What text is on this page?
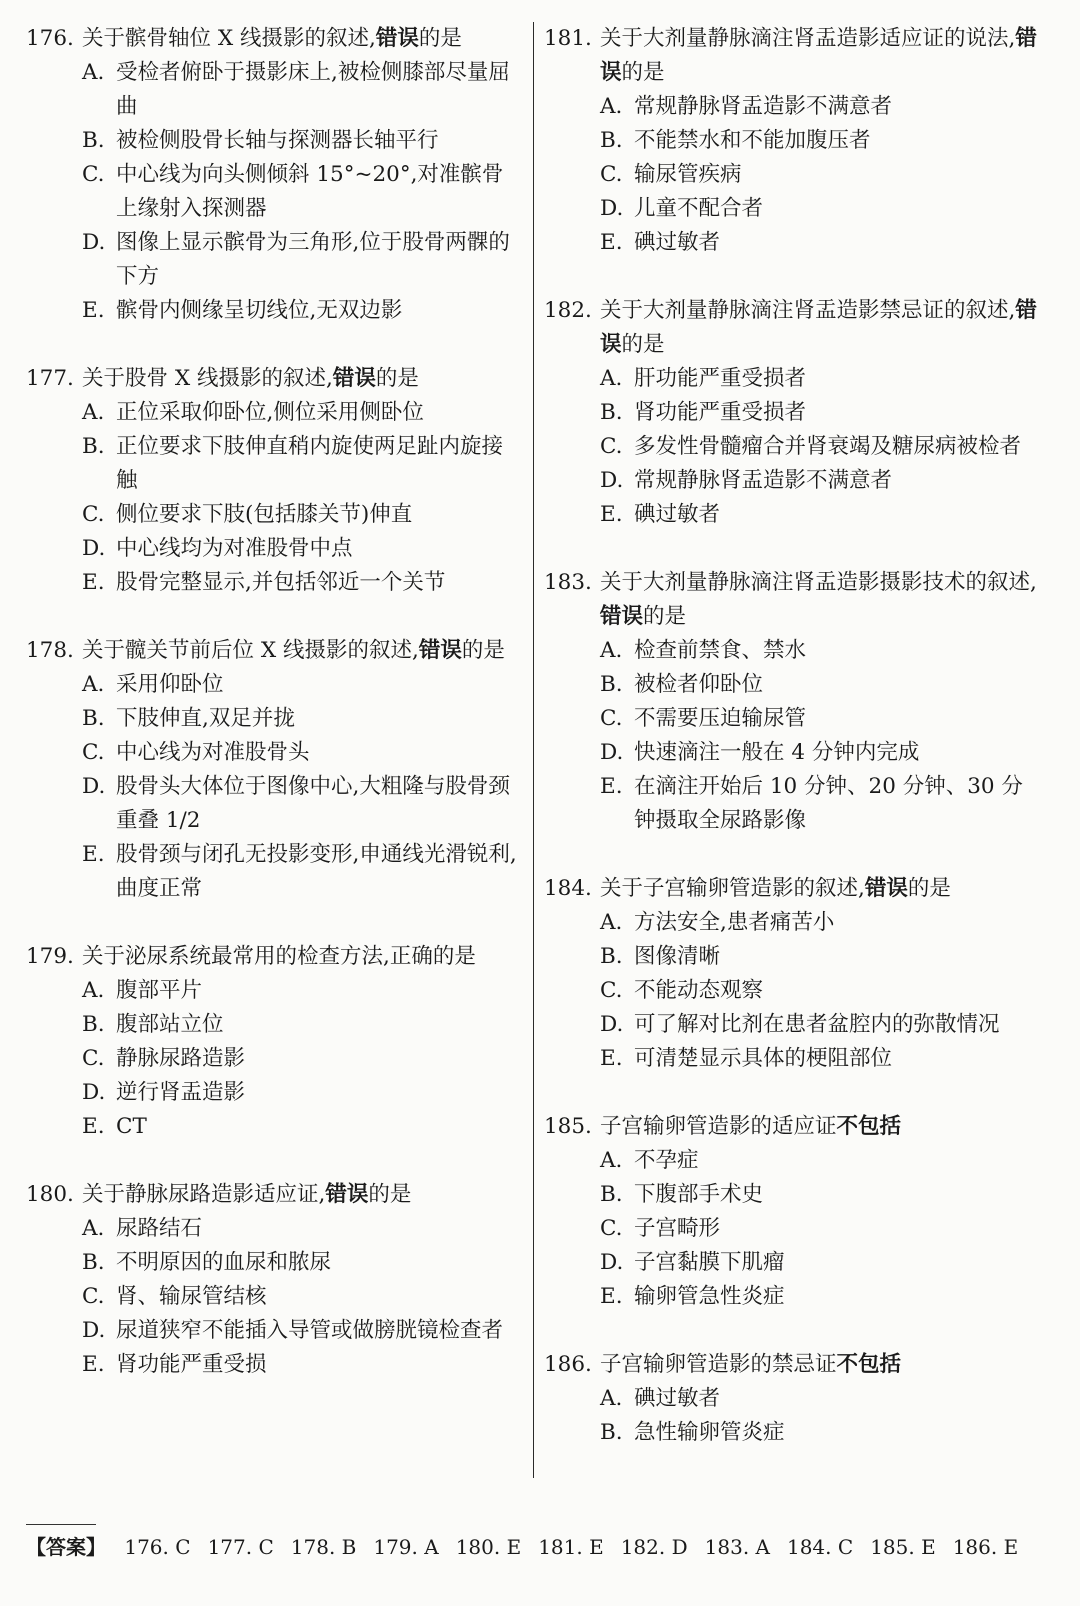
176. 关于髌骨轴位 X 线摄影的叙述,错误的是
A. 受检者俯卧于摄影床上,被检侧膝部尽量屈曲
B. 被检侧股骨长轴与探测器长轴平行
C. 中心线为向头侧倾斜 15°~20°,对准髌骨上缘射入探测器
D. 图像上显示髌骨为三角形,位于股骨两髁的下方
E. 髌骨内侧缘呈切线位,无双边影
177. 关于股骨 X 线摄影的叙述,错误的是
A. 正位采取仰卧位,侧位采用侧卧位
B. 正位要求下肢伸直稍内旋使两足趾内旋接触
C. 侧位要求下肢(包括膝关节)伸直
D. 中心线均为对准股骨中点
E. 股骨完整显示,并包括邻近一个关节
178. 关于髋关节前后位 X 线摄影的叙述,错误的是
A. 采用仰卧位
B. 下肢伸直,双足并拢
C. 中心线为对准股骨头
D. 股骨头大体位于图像中心,大粗隆与股骨颈重叠 1/2
E. 股骨颈与闭孔无投影变形,申通线光滑锐利,曲度正常
179. 关于泌尿系统最常用的检查方法,正确的是
A. 腹部平片
B. 腹部站立位
C. 静脉尿路造影
D. 逆行肾盂造影
E. CT
180. 关于静脉尿路造影适应证,错误的是
A. 尿路结石
B. 不明原因的血尿和脓尿
C. 肾、输尿管结核
D. 尿道狭窄不能插入导管或做膀胱镜检查者
E. 肾功能严重受损
181. 关于大剂量静脉滴注肾盂造影适应证的说法,错误的是
A. 常规静脉肾盂造影不满意者
B. 不能禁水和不能加腹压者
C. 输尿管疾病
D. 儿童不配合者
E. 碘过敏者
182. 关于大剂量静脉滴注肾盂造影禁忌证的叙述,错误的是
A. 肝功能严重受损者
B. 肾功能严重受损者
C. 多发性骨髓瘤合并肾衰竭及糖尿病被检者
D. 常规静脉肾盂造影不满意者
E. 碘过敏者
183. 关于大剂量静脉滴注肾盂造影摄影技术的叙述,错误的是
A. 检查前禁食、禁水
B. 被检者仰卧位
C. 不需要压迫输尿管
D. 快速滴注一般在 4 分钟内完成
E. 在滴注开始后 10 分钟、20 分钟、30 分钟摄取全尿路影像
184. 关于子宫输卵管造影的叙述,错误的是
A. 方法安全,患者痛苦小
B. 图像清晰
C. 不能动态观察
D. 可了解对比剂在患者盆腔内的弥散情况
E. 可清楚显示具体的梗阻部位
185. 子宫输卵管造影的适应证不包括
A. 不孕症
B. 下腹部手术史
C. 子宫畸形
D. 子宫黏膜下肌瘤
E. 输卵管急性炎症
186. 子宫输卵管造影的禁忌证不包括
A. 碘过敏者
B. 急性输卵管炎症
【答案】 176. C 177. C 178. B 179. A 180. E 181. E 182. D 183. A 184. C 185. E 186. E
